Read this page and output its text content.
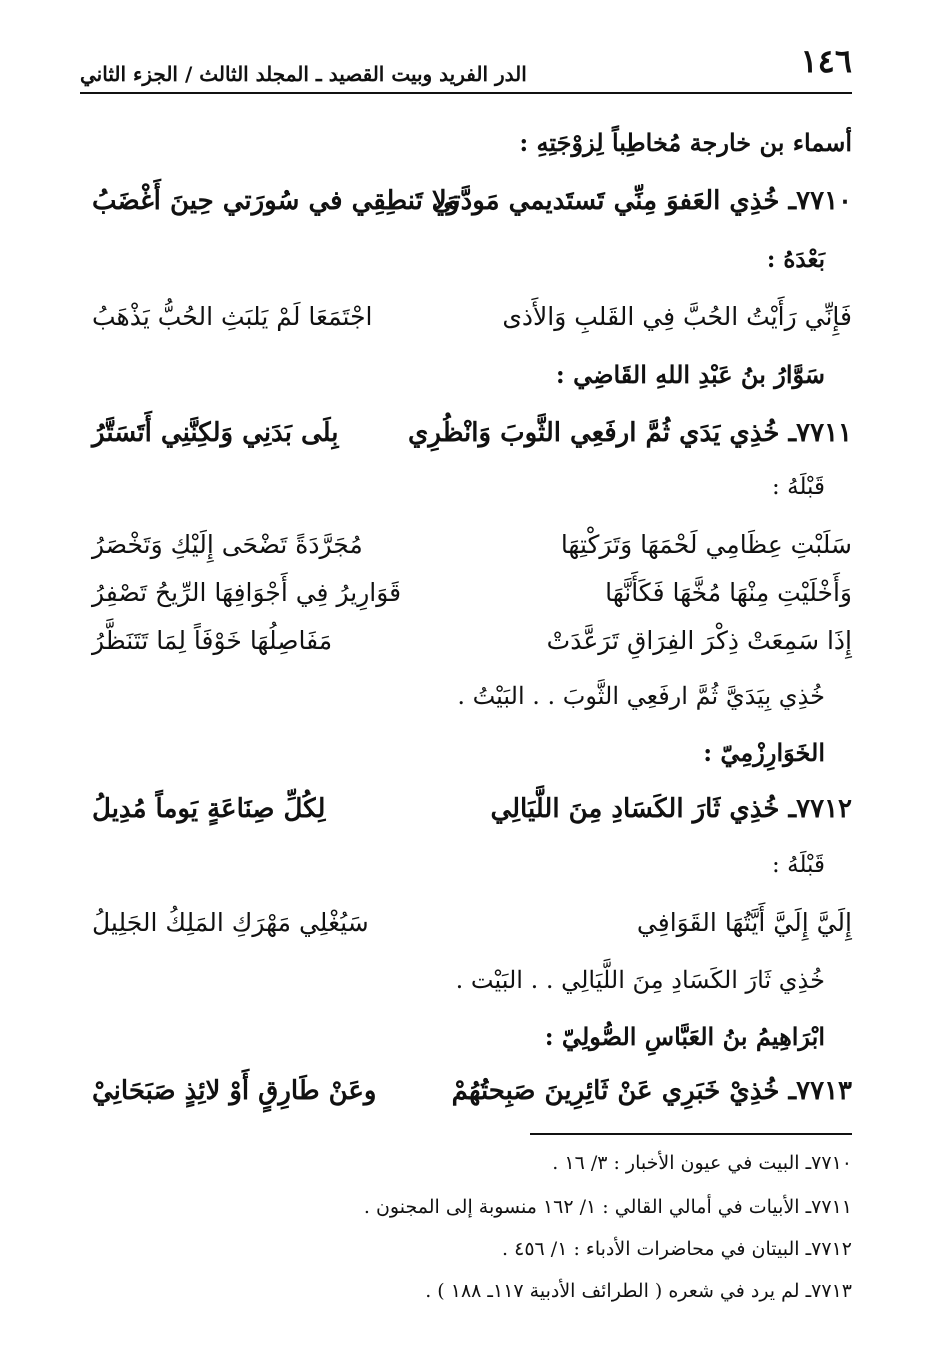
١٤٦
الدر الفريد وبيت القصيد ـ المجلد الثالث / الجزء الثاني
أسماء بن خارجة مُخاطِباً لِزوْجَتِهِ :
٧٧١٠ـ خُذِي العَفوَ مِنِّي تَستَديمي مَودَّتي
وَلا تَنطِقِي في سُورَتي حِينَ أَغْضَبُ
بَعْدَهُ :
فَإِنِّي رَأَيْتُ الحُبَّ فِي القَلبِ وَالأَذى
اجْتَمَعَا لَمْ يَلبَثِ الحُبُّ يَذْهَبُ
سَوَّارُ بنُ عَبْدِ اللهِ القَاضِي :
٧٧١١ـ خُذِي يَدَي ثُمَّ ارفَعِي الثَّوبَ وَانْظُرِي
بِلَى بَدَنِي وَلكِنَّنِي أَتَسَتَّرُ
قَبْلَهُ :
سَلَبْتِ عِظَامِي لَحْمَهَا وَتَرَكْتِهَا
مُجَرَّدَةً تَضْحَى إِلَيْكِ وَتَخْصَرُ
وَأَخْلَيْتِ مِنْهَا مُخَّهَا فَكَأَنَّهَا
قَوَارِيرُ فِي أَجْوَافِهَا الرِّيحُ تَصْفِرُ
إِذَا سَمِعَتْ ذِكْرَ الفِرَاقِ تَرَعَّدَتْ
مَفَاصِلُهَا خَوْفَاً لِمَا تَتَنَظَّرُ
خُذِي بِيَدَيَّ ثُمَّ ارفَعِي الثَّوبَ . . البَيْتُ .
الخَوَارِزْمِيّ :
٧٧١٢ـ خُذِي ثَارَ الكَسَادِ مِنَ اللَّيَالِي
لِكُلِّ صِنَاعَةٍ يَوماً مُدِيلُ
قَبْلَهُ :
إِلَيَّ إِلَيَّ أَيَّتُهَا القَوَافِي
سَيُغْلِي مَهْرَكِ المَلِكُ الجَلِيلُ
خُذِي ثَارَ الكَسَادِ مِنَ اللَّيَالِي . . البَيْت .
ابْرَاهِيمُ بنُ العَبَّاسِ الصُّولِيّ :
٧٧١٣ـ خُذِيْ خَبَرِي عَنْ ثَائِرِينَ صَبِحتُهُمْ
وعَنْ طَارِقٍ أَوْ لائِذٍ صَبَحَانِيْ
٧٧١٠ـ البيت في عيون الأخبار : ٣/ ١٦ .
٧٧١١ـ الأبيات في أمالي القالي : ١/ ١٦٢ منسوبة إلى المجنون .
٧٧١٢ـ البيتان في محاضرات الأدباء : ١/ ٤٥٦ .
٧٧١٣ـ لم يرد في شعره ( الطرائف الأدبية ١١٧ـ ١٨٨ ) .
